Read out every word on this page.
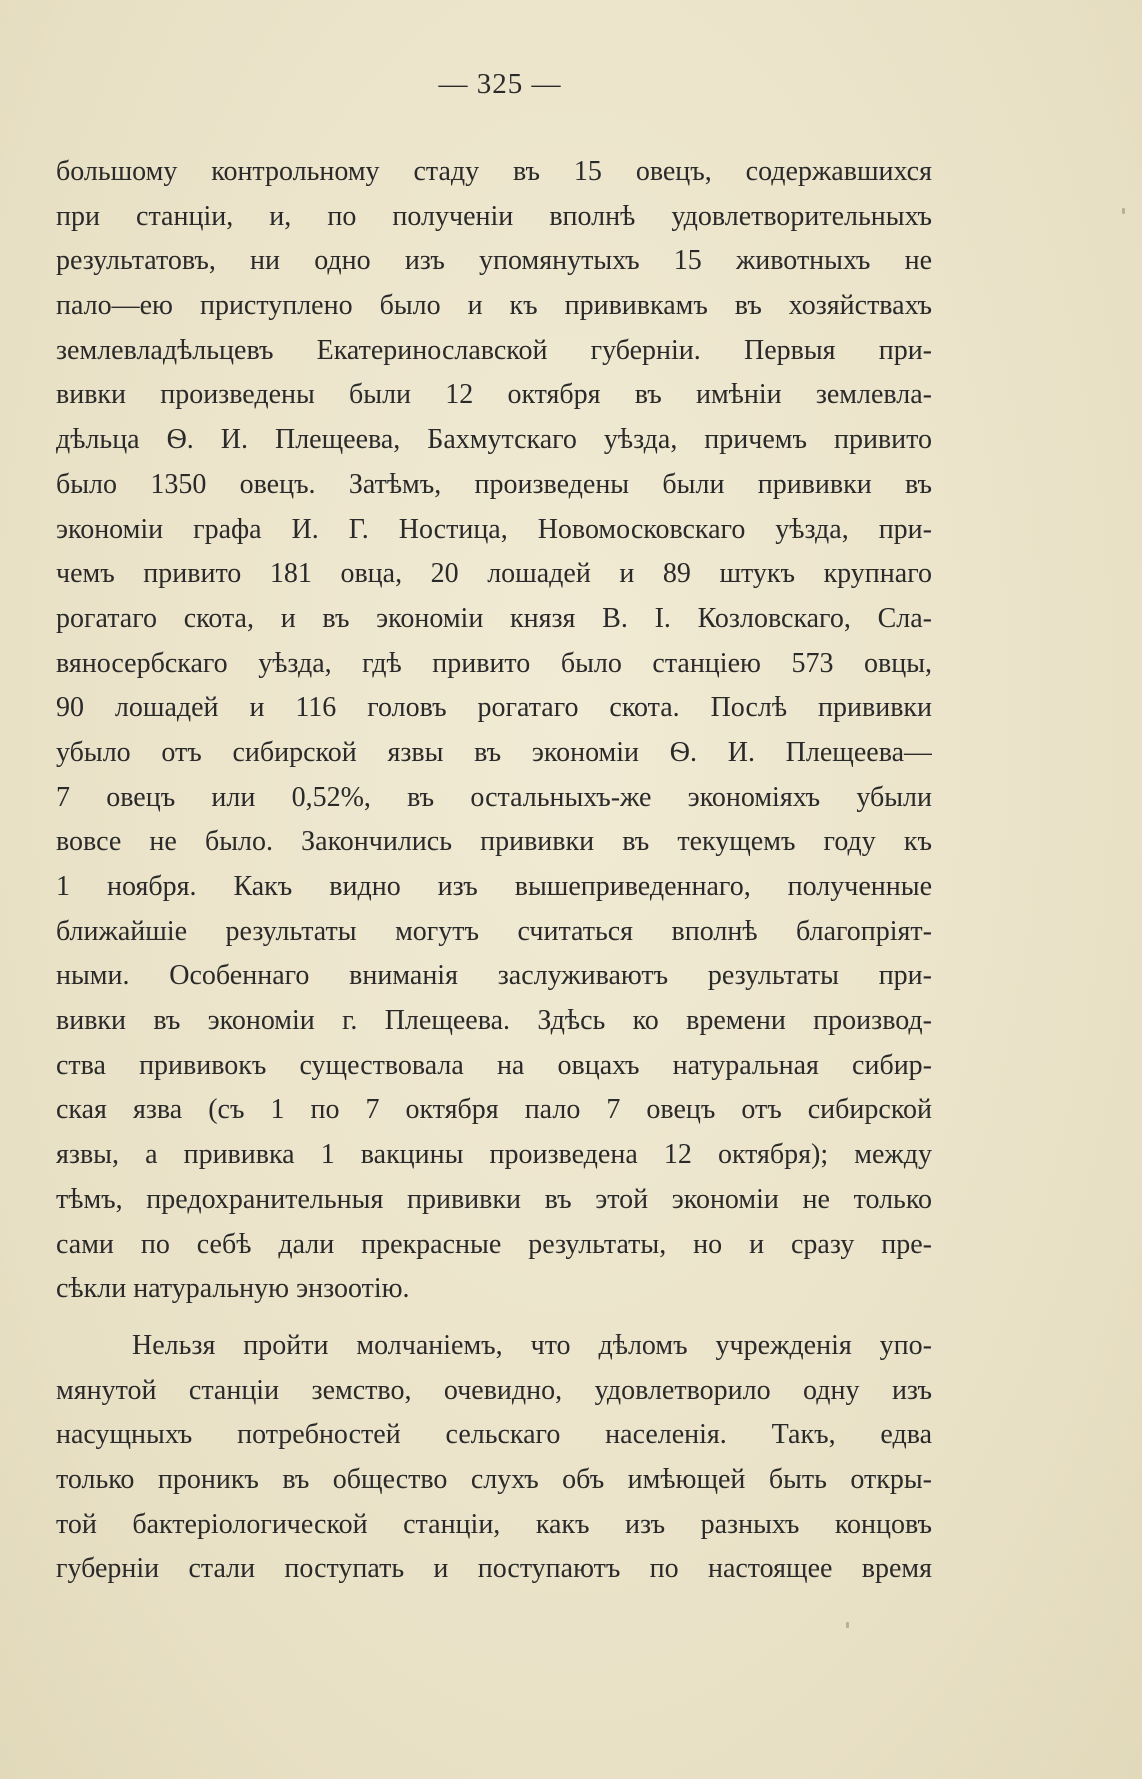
— 325 —
большому контрольному стаду въ 15 овецъ, содержавшихся
при станціи, и, по полученіи вполнѣ удовлетворительныхъ
результатовъ, ни одно изъ упомянутыхъ 15 животныхъ не
пало—ею приступлено было и къ прививкамъ въ хозяйствахъ
землевладѣльцевъ Екатеринославской губерніи. Первыя при-
вивки произведены были 12 октября въ имѣніи землевла-
дѣльца Ѳ. И. Плещеева, Бахмутскаго уѣзда, причемъ привито
было 1350 овецъ. Затѣмъ, произведены были прививки въ
экономіи графа И. Г. Ностица, Новомосковскаго уѣзда, при-
чемъ привито 181 овца, 20 лошадей и 89 штукъ крупнаго
рогатаго скота, и въ экономіи князя В. І. Козловскаго, Сла-
вяносербскаго уѣзда, гдѣ привито было станціею 573 овцы,
90 лошадей и 116 головъ рогатаго скота. Послѣ прививки
убыло отъ сибирской язвы въ экономіи Ѳ. И. Плещеева—
7 овецъ или 0,52%, въ остальныхъ-же экономіяхъ убыли
вовсе не было. Закончились прививки въ текущемъ году къ
1 ноября. Какъ видно изъ вышеприведеннаго, полученные
ближайшіе результаты могутъ считаться вполнѣ благопріят-
ными. Особеннаго вниманія заслуживаютъ результаты при-
вивки въ экономіи г. Плещеева. Здѣсь ко времени производ-
ства прививокъ существовала на овцахъ натуральная сибир-
ская язва (съ 1 по 7 октября пало 7 овецъ отъ сибирской
язвы, а прививка 1 вакцины произведена 12 октября); между
тѣмъ, предохранительныя прививки въ этой экономіи не только
сами по себѣ дали прекрасные результаты, но и сразу пре-
сѣкли натуральную энзоотію.
Нельзя пройти молчаніемъ, что дѣломъ учрежденія упо-
мянутой станціи земство, очевидно, удовлетворило одну изъ
насущныхъ потребностей сельскаго населенія. Такъ, едва
только проникъ въ общество слухъ объ имѣющей быть откры-
той бактеріологической станціи, какъ изъ разныхъ концовъ
губерніи стали поступать и поступаютъ по настоящее время
